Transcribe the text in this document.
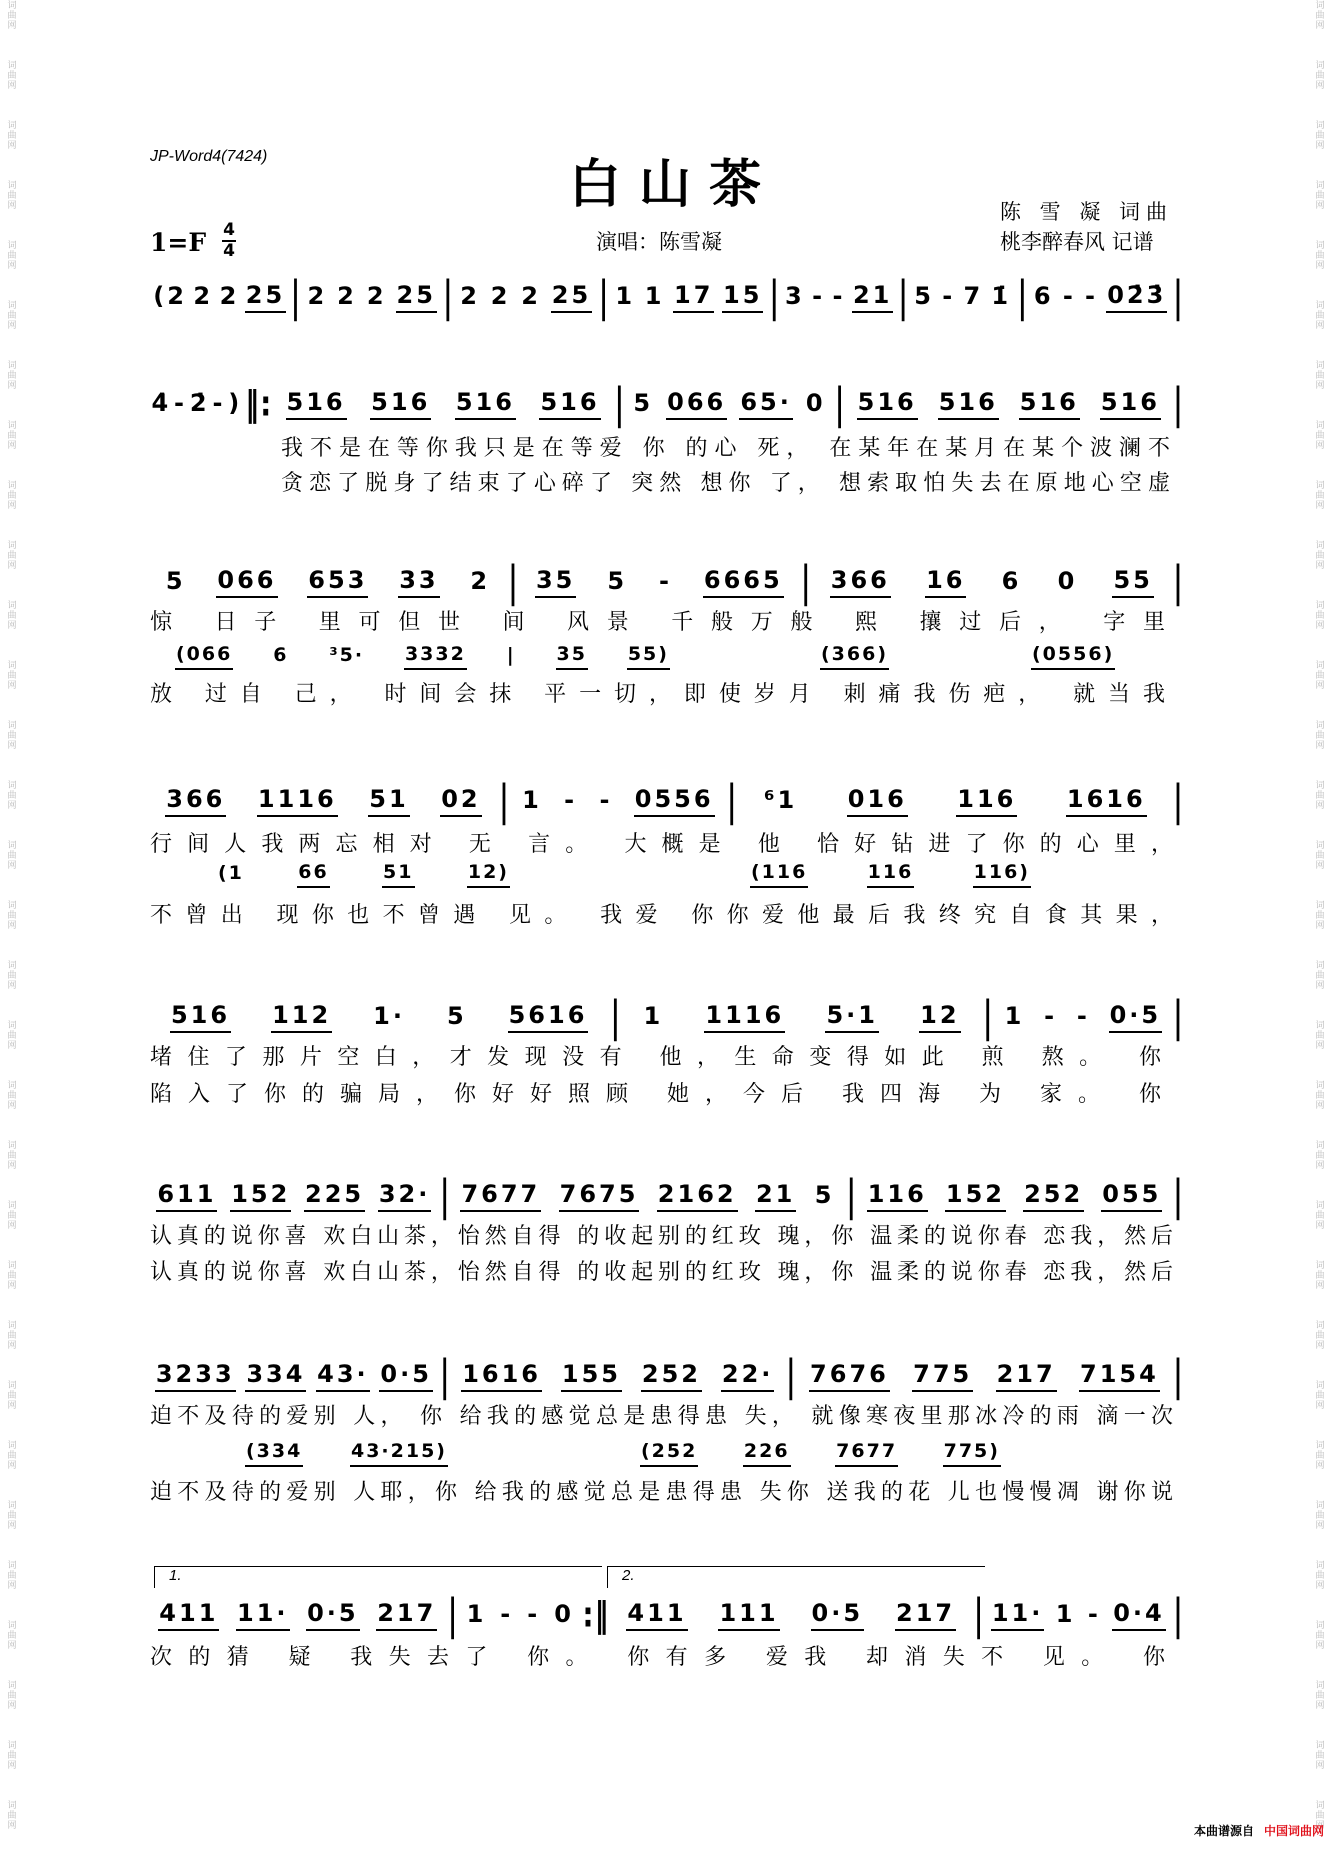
词曲网
词曲网
词曲网
词曲网
词曲网
词曲网
词曲网
词曲网
词曲网
词曲网
词曲网
词曲网
词曲网
词曲网
词曲网
词曲网
词曲网
词曲网
词曲网
词曲网
词曲网
词曲网
词曲网
词曲网
词曲网
词曲网
词曲网
词曲网
词曲网
词曲网
词曲网
词曲网
词曲网
词曲网
词曲网
词曲网
词曲网
词曲网
词曲网
词曲网
词曲网
词曲网
词曲网
词曲网
词曲网
词曲网
词曲网
词曲网
词曲网
词曲网
词曲网
词曲网
词曲网
词曲网
词曲网
词曲网
词曲网
词曲网
词曲网
词曲网
词曲网
词曲网
JP-Word4(7424)	白 山 茶	陈 雪 凝 词曲
1=F 4
4	演唱：陈雪凝	桃李醉春风 记谱
本曲谱源自 中国词曲网
(2 2 2 25 | 2 2 2 25 | 2 2 2 25 | 1 1 17 15 | 3 - - 21 | 5 - 7 1̇ | 6 - - 02̇3̇ |
4̇ - 2̇ - ) ‖: 516 516 516 516 | 5 066 65· 0 | 516 516 516 516 |
我不是在等你我只是在等爱 你 的心 死， 在某年在某月在某个波澜不
贪恋了脱身了结束了心碎了 突然 想你 了， 想索取怕失去在原地心空虚
5 066 653 33 2 | 35 5 - 6665 | 366 16 6 0 55 |
惊 日子 里可但世 间 风景 千般万般 熙 攘过后， 字里
放 过自 己， 时间会抹 平一切，即使岁月 刺痛我伤疤， 就当我
(066 6 ³5· 3332 | 35 55)	(366)	(0556)
366 1116 51 02 | 1 - - 0556 | ⁶1 016 116 1616 |
行间人我两忘相对 无 言。 大概是 他 恰好钻进了你的心里，
不曾出 现你也不曾遇 见。 我爱 你你爱他最后我终究自食其果，
(1	66	51	12)	(116	116	116)
516 112 1· 5 5616 | 1 1116 5·1 12 | 1 - - 0·5 |
堵住了那片空白，才发现没有 他，生命变得如此 煎 熬。 你
陷入了你的骗局，你好好照顾 她，今后 我四海 为 家。 你
611 152 225 32· | 7677 7675 2162 21 5 | 116 152 252 055 |
认真的说你喜 欢白山茶，怡然自得 的收起别的红玫 瑰，你 温柔的说你春 恋我，然后
认真的说你喜 欢白山茶，怡然自得 的收起别的红玫 瑰，你 温柔的说你春 恋我，然后
3233 334 43· 0·5 | 1616 155 252 22· | 7676 775 217 7154 |
迫不及待的爱别 人， 你 给我的感觉总是患得患 失， 就像寒夜里那冰冷的雨 滴一次
迫不及待的爱别 人耶，你 给我的感觉总是患得患 失你 送我的花 儿也慢慢凋 谢你说
(334	43·215)	(252 226 7677 775)
411 11· 0·5 217 | 1 - - 0 :‖ 411 111 0·5 217 | 11· 1 - 0·4 |
次的猜 疑 我失去了 你。 你有多 爱我 却消失不 见。 你
1.	2.
